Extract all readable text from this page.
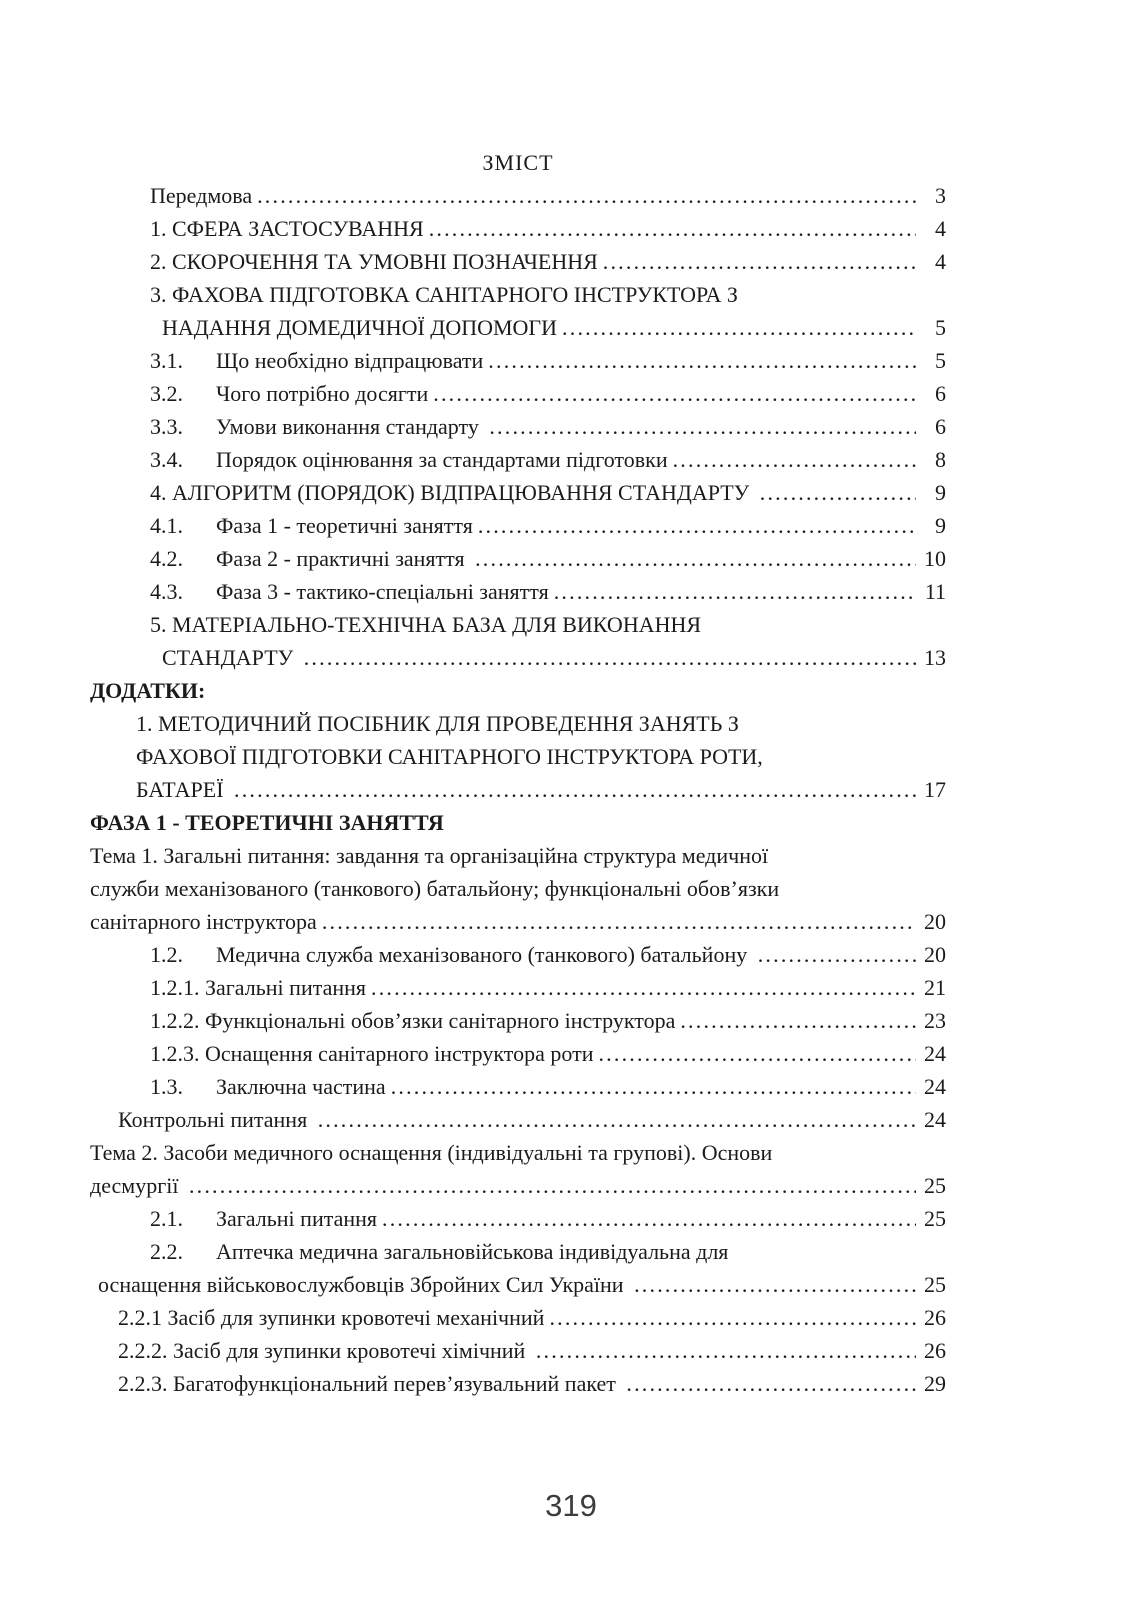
ЗМІСТ
Передмова .....	3
1. СФЕРА ЗАСТОСУВАННЯ .....	4
2. СКОРОЧЕННЯ ТА УМОВНІ ПОЗНАЧЕННЯ .....	4
3. ФАХОВА ПІДГОТОВКА САНІТАРНОГО ІНСТРУКТОРА З
НАДАННЯ ДОМЕДИЧНОЇ ДОПОМОГИ .....	5
3.1.	Що необхідно відпрацювати .....	5
3.2.	Чого потрібно досягти .....	6
3.3.	Умови виконання стандарту .....	6
3.4.	Порядок оцінювання за стандартами підготовки .....	8
4. АЛГОРИТМ (ПОРЯДОК) ВІДПРАЦЮВАННЯ СТАНДАРТУ .....	9
4.1.	Фаза 1 - теоретичні заняття .....	9
4.2.	Фаза 2 - практичні заняття .....	10
4.3.	Фаза 3 - тактико-спеціальні заняття .....	11
5. МАТЕРІАЛЬНО-ТЕХНІЧНА БАЗА ДЛЯ ВИКОНАННЯ
СТАНДАРТУ .....	13
ДОДАТКИ:
1. МЕТОДИЧНИЙ ПОСІБНИК ДЛЯ ПРОВЕДЕННЯ ЗАНЯТЬ З
ФАХОВОЇ ПІДГОТОВКИ САНІТАРНОГО ІНСТРУКТОРА РОТИ,
БАТАРЕЇ .....	17
ФАЗА 1 - ТЕОРЕТИЧНІ ЗАНЯТТЯ
Тема 1. Загальні питання: завдання та організаційна структура медичної
служби механізованого (танкового) батальйону; функціональні обов’язки
санітарного інструктора .....	20
1.2.	Медична служба механізованого (танкового) батальйону .....	20
1.2.1. Загальні питання .....	21
1.2.2. Функціональні обов’язки санітарного інструктора .....	23
1.2.3. Оснащення санітарного інструктора роти .....	24
1.3.	Заключна частина .....	24
Контрольні питання .....	24
Тема 2. Засоби медичного оснащення (індивідуальні та групові). Основи
десмургії .....	25
2.1.	Загальні питання .....	25
2.2.	Аптечка медична загальновійськова індивідуальна для
оснащення військовослужбовців Збройних Сил України .....	25
2.2.1 Засіб для зупинки кровотечі механічний .....	26
2.2.2. Засіб для зупинки кровотечі хімічний .....	26
2.2.3. Багатофункціональний перев’язувальний пакет .....	29
319
